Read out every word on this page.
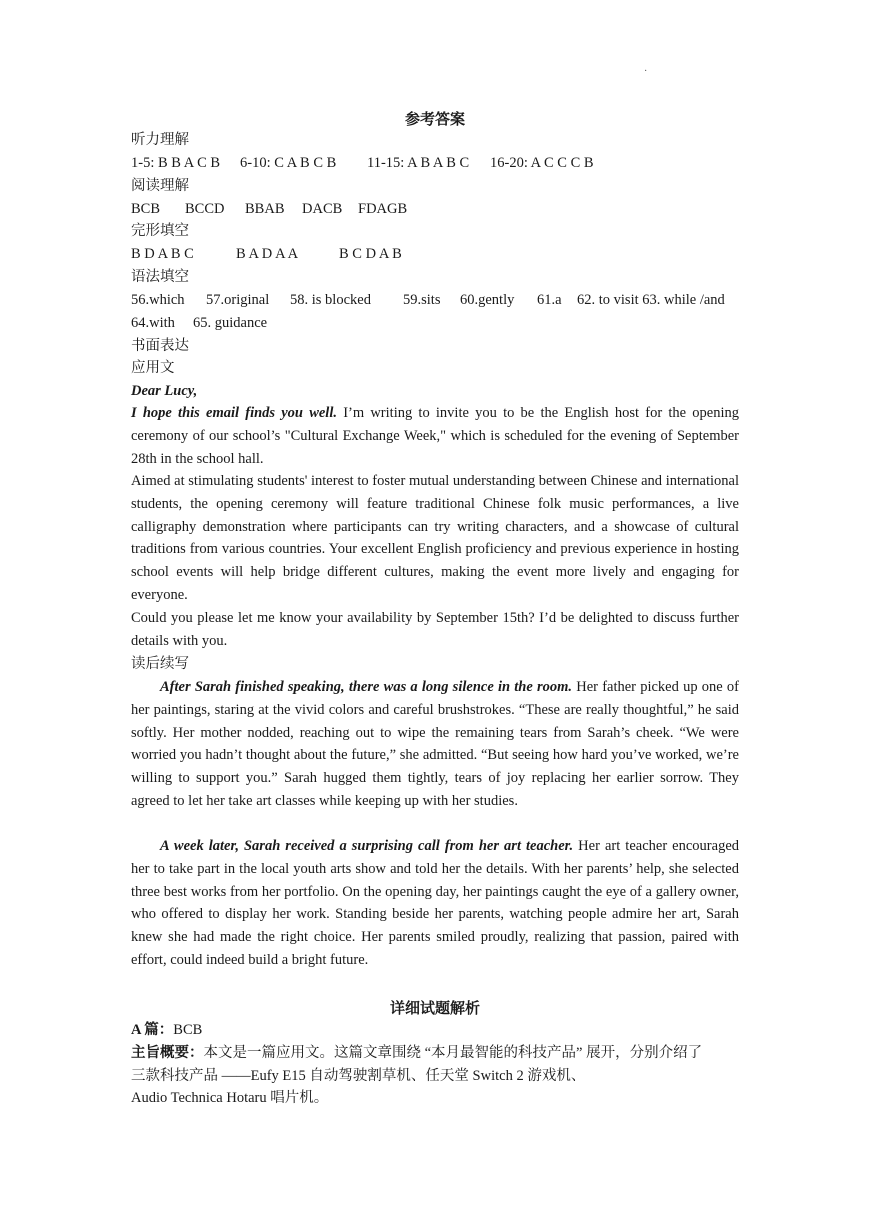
·
参考答案
听力理解
1-5: B B A C B 6-10: C A B C B 11-15: A B A B C 16-20: A C C C B
阅读理解
BCB BCCD BBAB DACB FDAGB
完形填空
B D A B C	B A D A A	B C D A B
语法填空
56.which 57.original 58. is blocked 59.sits 60.gently 61.a 62. to visit 63. while /and
64.with 65. guidance
书面表达
应用文
Dear Lucy,
I hope this email finds you well. I’m writing to invite you to be the English host for the opening ceremony of our school’s "Cultural Exchange Week," which is scheduled for the evening of September 28th in the school hall.
Aimed at stimulating students' interest to foster mutual understanding between Chinese and international students, the opening ceremony will feature traditional Chinese folk music performances, a live calligraphy demonstration where participants can try writing characters, and a showcase of cultural traditions from various countries. Your excellent English proficiency and previous experience in hosting school events will help bridge different cultures, making the event more lively and engaging for everyone.
Could you please let me know your availability by September 15th? I’d be delighted to discuss further details with you.
读后续写
After Sarah finished speaking, there was a long silence in the room. Her father picked up one of her paintings, staring at the vivid colors and careful brushstrokes. “These are really thoughtful,” he said softly. Her mother nodded, reaching out to wipe the remaining tears from Sarah’s cheek. “We were worried you hadn’t thought about the future,” she admitted. “But seeing how hard you’ve worked, we’re willing to support you.” Sarah hugged them tightly, tears of joy replacing her earlier sorrow. They agreed to let her take art classes while keeping up with her studies.
A week later, Sarah received a surprising call from her art teacher. Her art teacher encouraged her to take part in the local youth arts show and told her the details. With her parents’ help, she selected three best works from her portfolio. On the opening day, her paintings caught the eye of a gallery owner, who offered to display her work. Standing beside her parents, watching people admire her art, Sarah knew she had made the right choice. Her parents smiled proudly, realizing that passion, paired with effort, could indeed build a bright future.
详细试题解析
A 篇：BCB
主旨概要：本文是一篇应用文。这篇文章围绕 “本月最智能的科技产品” 展开，分别介绍了
三款科技产品 ——Eufy E15 自动驾驶割草机、任天堂 Switch 2 游戏机、
Audio Technica Hotaru 唱片机。
